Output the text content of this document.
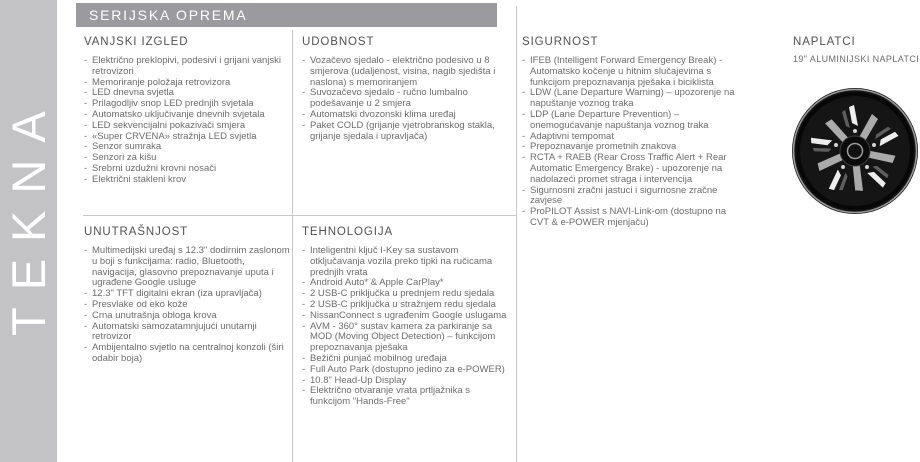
TEKNA
SERIJSKA OPREMA
VANJSKI IZGLED
- Električno preklopivi, podesivi i grijani vanjski retrovizori
- Memoriranje položaja retrovizora
- LED dnevna svjetla
- Prilagodljiv snop LED prednjih svjetala
- Automatsko uključivanje dnevnih svjetala
- LED sekvencijalni pokazivači smjera
- «Super CRVENA» stražnja LED svjetla
- Senzor sumraka
- Senzori za kišu
- Srebrni uzdužni krovni nosači
- Električni stakleni krov
UDOBNOST
- Vozačevo sjedalo - električno podesivo u 8 smjerova (udaljenost, visina, nagib sjedišta i naslona) s memoriranjem
- Suvozačevo sjedalo - ručno lumbalno podešavanje u 2 smjera
- Automatski dvozonski klima uređaj
- Paket COLD (grijanje vjetrobranskog stakla, grijanje sjedala i upravljača)
SIGURNOST
- IFEB (Intelligent Forward Emergency Break) - Automatsko kočenje u hitnim slučajevima s funkcijom prepoznavanja pješaka i biciklista
- LDW (Lane Departure Warning) – upozorenje na napuštanje voznog traka
- LDP (Lane Departure Prevention) – onemogućavanje napuštanja voznog traka
- Adaptivni tempomat
- Prepoznavanje prometnih znakova
- RCTA + RAEB (Rear Cross Traffic Alert + Rear Automatic Emergency Brake) - upozorenje na nadolazeći promet straga i intervencija
- Sigurnosni zračni jastuci i sigurnosne zračne zavjese
- ProPILOT Assist s NAVI-Link-om (dostupno na CVT & e-POWER mjenjaču)
NAPLATCI
19" ALUMINIJSKI NAPLATCI
UNUTRAŠNJOST
- Multimedijski uređaj s 12.3" dodirnim zaslonom u boji s funkcijama: radio, Bluetooth, navigacija, glasovno prepoznavanje uputa i ugrađene Google usluge
- 12.3" TFT digitalni ekran (iza upravljača)
- Presvlake od eko kože
- Crna unutrašnja obloga krova
- Automatski samozatamnjujući unutarnji retrovizor
- Ambijentalno svjetlo na centralnoj konzoli (širi odabir boja)
TEHNOLOGIJA
- Inteligentni ključ I-Key sa sustavom otključavanja vozila preko tipki na ručicama prednjih vrata
- Android Auto* & Apple CarPlay*
- 2 USB-C priključka u prednjem redu sjedala
- 2 USB-C priključka u stražnjem redu sjedala
- NissanConnect s ugrađenim Google uslugama
- AVM - 360° sustav kamera za parkiranje sa MOD (Moving Object Detection) – funkcijom prepoznavanja pješaka
- Bežični punjač mobilnog uređaja
- Full Auto Park (dostupno jedino za e-POWER)
- 10.8" Head-Up Display
- Električno otvaranje vrata prtljažnika s funkcijom "Hands-Free"
